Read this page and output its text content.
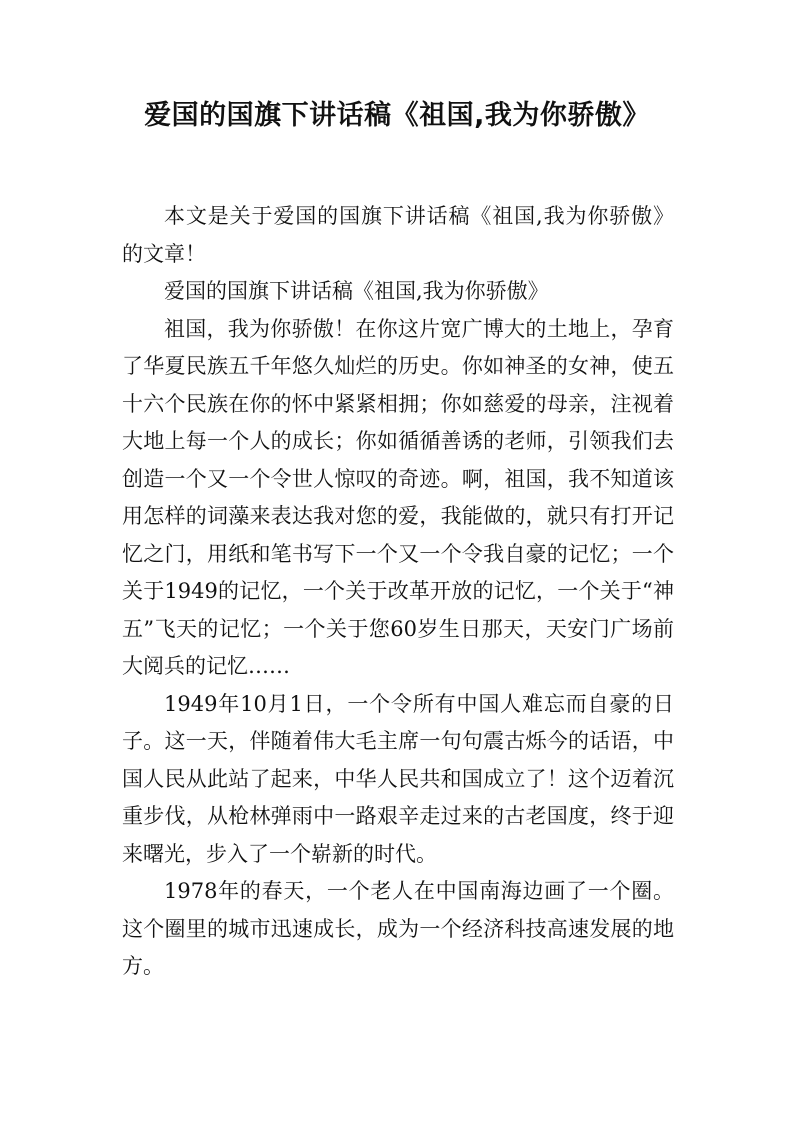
爱国的国旗下讲话稿《祖国,我为你骄傲》

本文是关于爱国的国旗下讲话稿《祖国,我为你骄傲》的文章！

爱国的国旗下讲话稿《祖国,我为你骄傲》

祖国，我为你骄傲！在你这片宽广博大的土地上，孕育了华夏民族五千年悠久灿烂的历史。你如神圣的女神，使五十六个民族在你的怀中紧紧相拥；你如慈爱的母亲，注视着大地上每一个人的成长；你如循循善诱的老师，引领我们去创造一个又一个令世人惊叹的奇迹。啊，祖国，我不知道该用怎样的词藻来表达我对您的爱，我能做的，就只有打开记忆之门，用纸和笔书写下一个又一个令我自豪的记忆；一个关于1949的记忆，一个关于改革开放的记忆，一个关于“神五”飞天的记忆；一个关于您60岁生日那天，天安门广场前大阅兵的记忆……

1949年10月1日，一个令所有中国人难忘而自豪的日子。这一天，伴随着伟大毛主席一句句震古烁今的话语，中国人民从此站了起来，中华人民共和国成立了！这个迈着沉重步伐，从枪林弹雨中一路艰辛走过来的古老国度，终于迎来曙光，步入了一个崭新的时代。

1978年的春天，一个老人在中国南海边画了一个圈。这个圈里的城市迅速成长，成为一个经济科技高速发展的地方。
